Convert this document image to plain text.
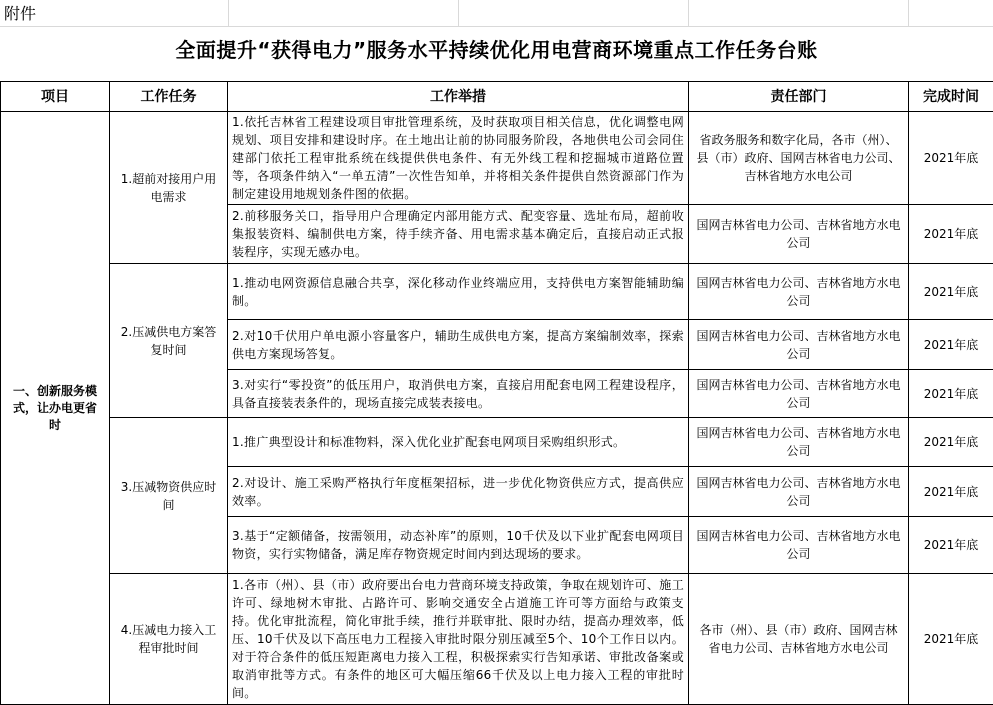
附件
全面提升“获得电力”服务水平持续优化用电营商环境重点工作任务台账
项目	工作任务	工作举措	责任部门	完成时间
一、创新服务模式，让办电更省时	1.超前对接用户用电需求	1.依托吉林省工程建设项目审批管理系统，及时获取项目相关信息，优化调整电网规划、项目安排和建设时序。在土地出让前的协同服务阶段，各地供电公司会同住建部门依托工程审批系统在线提供供电条件、有无外线工程和挖掘城市道路位置等，各项条件纳入“一单五清”一次性告知单，并将相关条件提供自然资源部门作为制定建设用地规划条件图的依据。	省政务服务和数字化局，各市（州）、县（市）政府、国网吉林省电力公司、吉林省地方水电公司	2021年底
		2.前移服务关口，指导用户合理确定内部用能方式、配变容量、选址布局，超前收集报装资料、编制供电方案，待手续齐备、用电需求基本确定后，直接启动正式报装程序，实现无感办电。	国网吉林省电力公司、吉林省地方水电公司	2021年底
	2.压减供电方案答复时间	1.推动电网资源信息融合共享，深化移动作业终端应用，支持供电方案智能辅助编制。	国网吉林省电力公司、吉林省地方水电公司	2021年底
		2.对10千伏用户单电源小容量客户，辅助生成供电方案，提高方案编制效率，探索供电方案现场答复。	国网吉林省电力公司、吉林省地方水电公司	2021年底
		3.对实行“零投资”的低压用户，取消供电方案，直接启用配套电网工程建设程序，具备直接装表条件的，现场直接完成装表接电。	国网吉林省电力公司、吉林省地方水电公司	2021年底
	3.压减物资供应时间	1.推广典型设计和标准物料，深入优化业扩配套电网项目采购组织形式。	国网吉林省电力公司、吉林省地方水电公司	2021年底
		2.对设计、施工采购严格执行年度框架招标，进一步优化物资供应方式，提高供应效率。	国网吉林省电力公司、吉林省地方水电公司	2021年底
		3.基于“定额储备，按需领用，动态补库”的原则，10千伏及以下业扩配套电网项目物资，实行实物储备，满足库存物资规定时间内到达现场的要求。	国网吉林省电力公司、吉林省地方水电公司	2021年底
	4.压减电力接入工程审批时间	1.各市（州）、县（市）政府要出台电力营商环境支持政策，争取在规划许可、施工许可、绿地树木审批、占路许可、影响交通安全占道施工许可等方面给与政策支持。优化审批流程，简化审批手续，推行并联审批、限时办结，提高办理效率，低压、10千伏及以下高压电力工程接入审批时限分别压减至5个、10个工作日以内。对于符合条件的低压短距离电力接入工程，积极探索实行告知承诺、审批改备案或取消审批等方式。有条件的地区可大幅压缩66千伏及以上电力接入工程的审批时间。	各市（州）、县（市）政府、国网吉林省电力公司、吉林省地方水电公司	2021年底
